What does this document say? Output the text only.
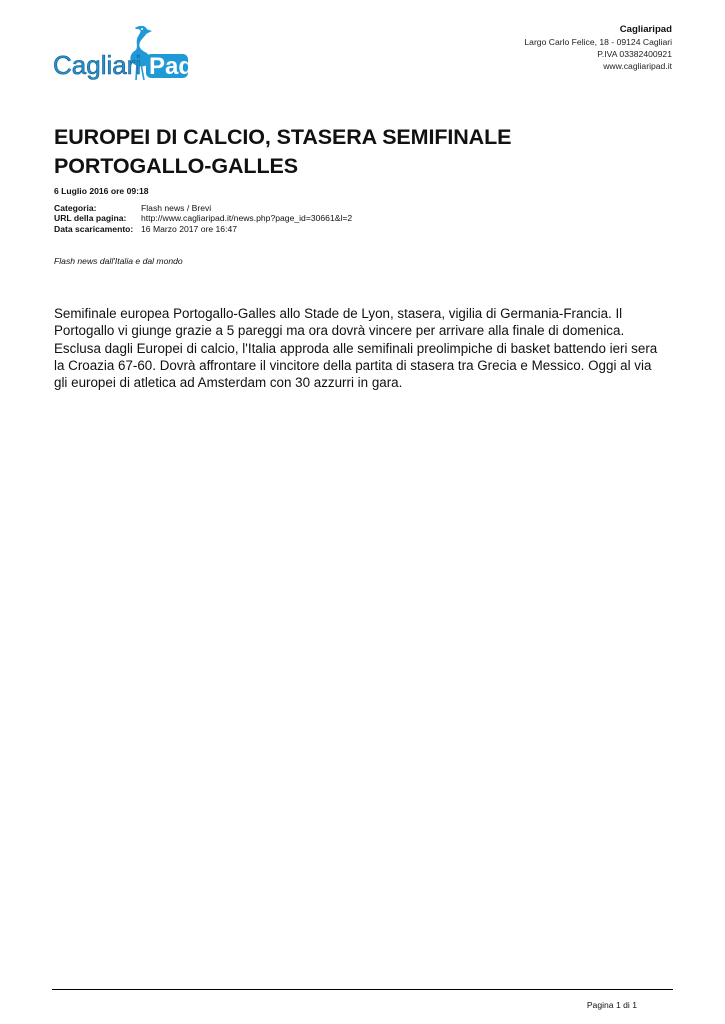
Cagliari Pad
Cagliaripad
Largo Carlo Felice, 18 - 09124 Cagliari
P.IVA 03382400921
www.cagliaripad.it
EUROPEI DI CALCIO, STASERA SEMIFINALE
PORTOGALLO-GALLES
6 Luglio 2016 ore 09:18
Categoria:	Flash news / Brevi
URL della pagina:	http://www.cagliaripad.it/news.php?page_id=30661&l=2
Data scaricamento: 16 Marzo 2017 ore 16:47
Flash news dall'Italia e dal mondo

Semifinale europea Portogallo-Galles allo Stade de Lyon, stasera, vigilia di Germania-Francia. Il
Portogallo vi giunge grazie a 5 pareggi ma ora dovrà vincere per arrivare alla finale di domenica.
Esclusa dagli Europei di calcio, l'Italia approda alle semifinali preolimpiche di basket battendo ieri sera
la Croazia 67-60. Dovrà affrontare il vincitore della partita di stasera tra Grecia e Messico. Oggi al via
gli europei di atletica ad Amsterdam con 30 azzurri in gara.

Pagina 1 di 1
